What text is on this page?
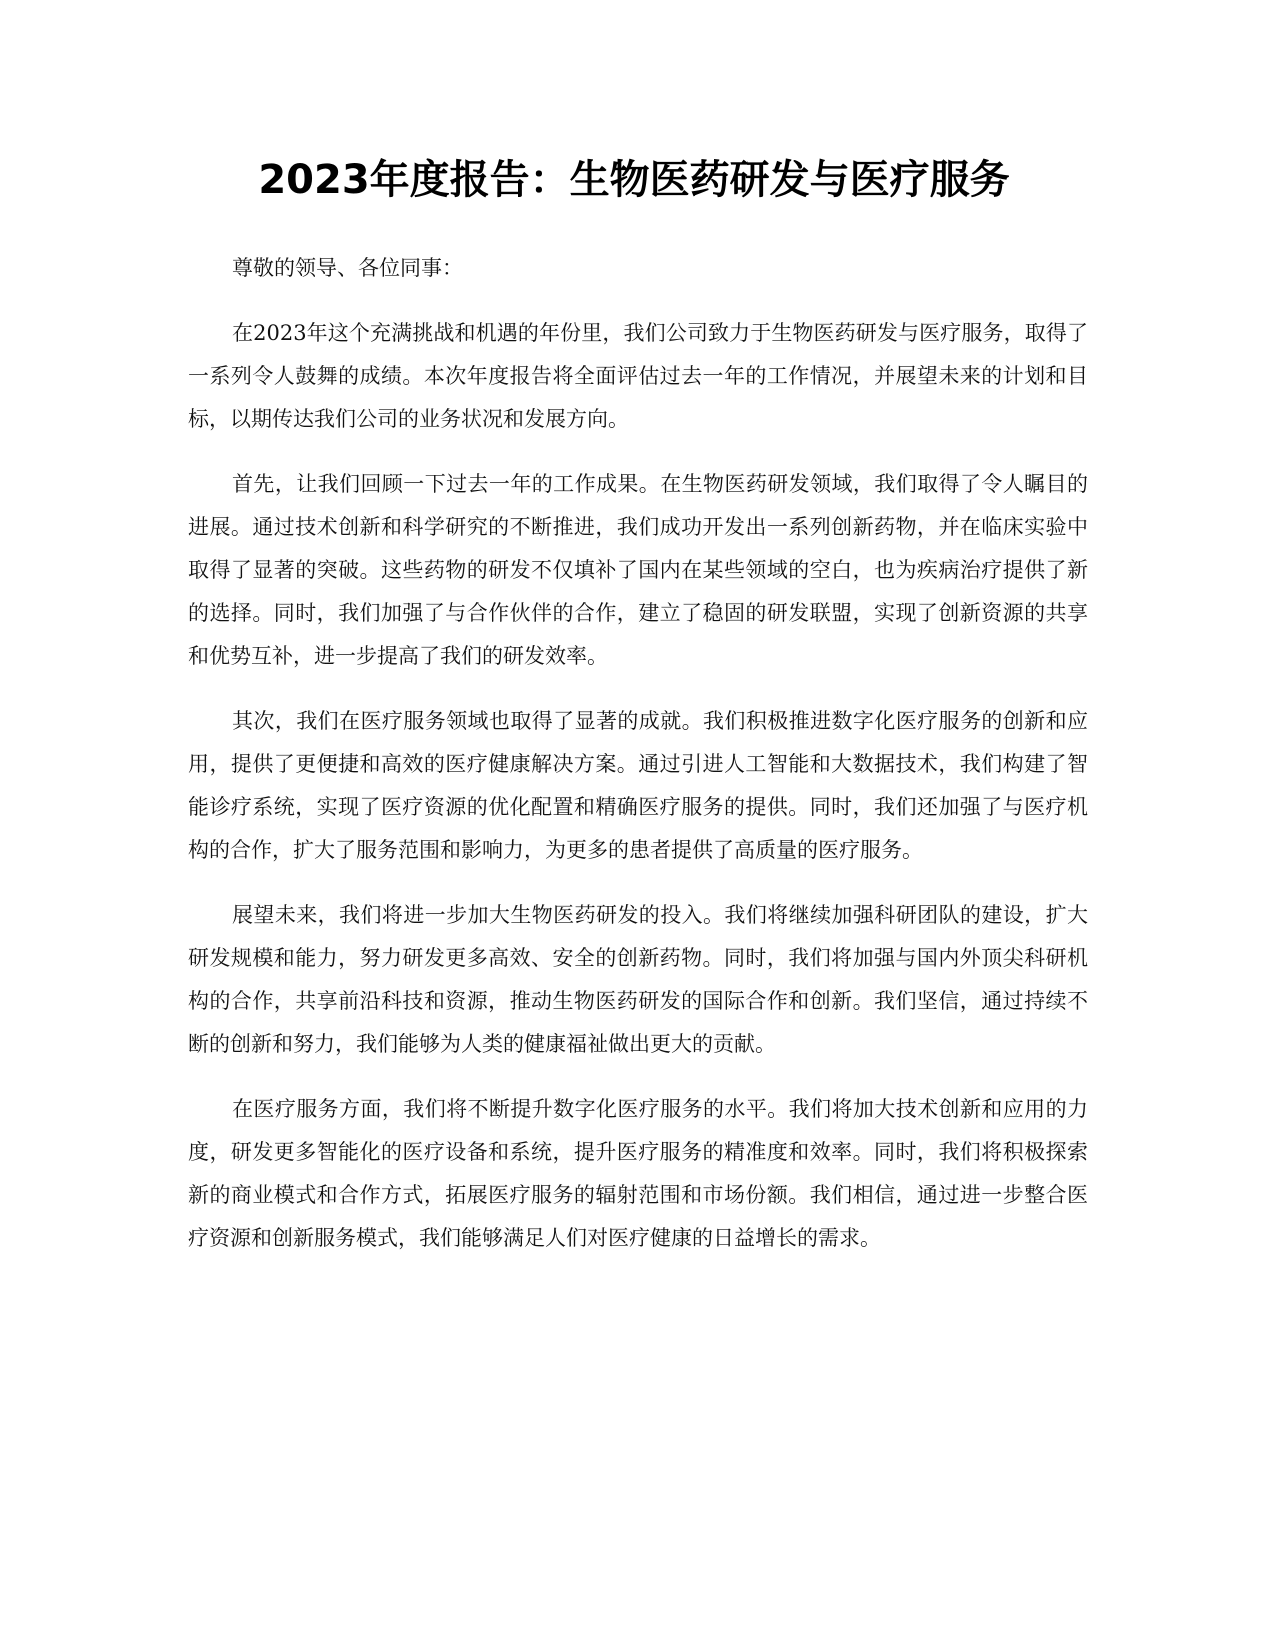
2023年度报告：生物医药研发与医疗服务

尊敬的领导、各位同事：

在2023年这个充满挑战和机遇的年份里，我们公司致力于生物医药研发与医疗服务，取得了一系列令人鼓舞的成绩。本次年度报告将全面评估过去一年的工作情况，并展望未来的计划和目标，以期传达我们公司的业务状况和发展方向。

首先，让我们回顾一下过去一年的工作成果。在生物医药研发领域，我们取得了令人瞩目的进展。通过技术创新和科学研究的不断推进，我们成功开发出一系列创新药物，并在临床实验中取得了显著的突破。这些药物的研发不仅填补了国内在某些领域的空白，也为疾病治疗提供了新的选择。同时，我们加强了与合作伙伴的合作，建立了稳固的研发联盟，实现了创新资源的共享和优势互补，进一步提高了我们的研发效率。

其次，我们在医疗服务领域也取得了显著的成就。我们积极推进数字化医疗服务的创新和应用，提供了更便捷和高效的医疗健康解决方案。通过引进人工智能和大数据技术，我们构建了智能诊疗系统，实现了医疗资源的优化配置和精确医疗服务的提供。同时，我们还加强了与医疗机构的合作，扩大了服务范围和影响力，为更多的患者提供了高质量的医疗服务。

展望未来，我们将进一步加大生物医药研发的投入。我们将继续加强科研团队的建设，扩大研发规模和能力，努力研发更多高效、安全的创新药物。同时，我们将加强与国内外顶尖科研机构的合作，共享前沿科技和资源，推动生物医药研发的国际合作和创新。我们坚信，通过持续不断的创新和努力，我们能够为人类的健康福祉做出更大的贡献。

在医疗服务方面，我们将不断提升数字化医疗服务的水平。我们将加大技术创新和应用的力度，研发更多智能化的医疗设备和系统，提升医疗服务的精准度和效率。同时，我们将积极探索新的商业模式和合作方式，拓展医疗服务的辐射范围和市场份额。我们相信，通过进一步整合医疗资源和创新服务模式，我们能够满足人们对医疗健康的日益增长的需求。
